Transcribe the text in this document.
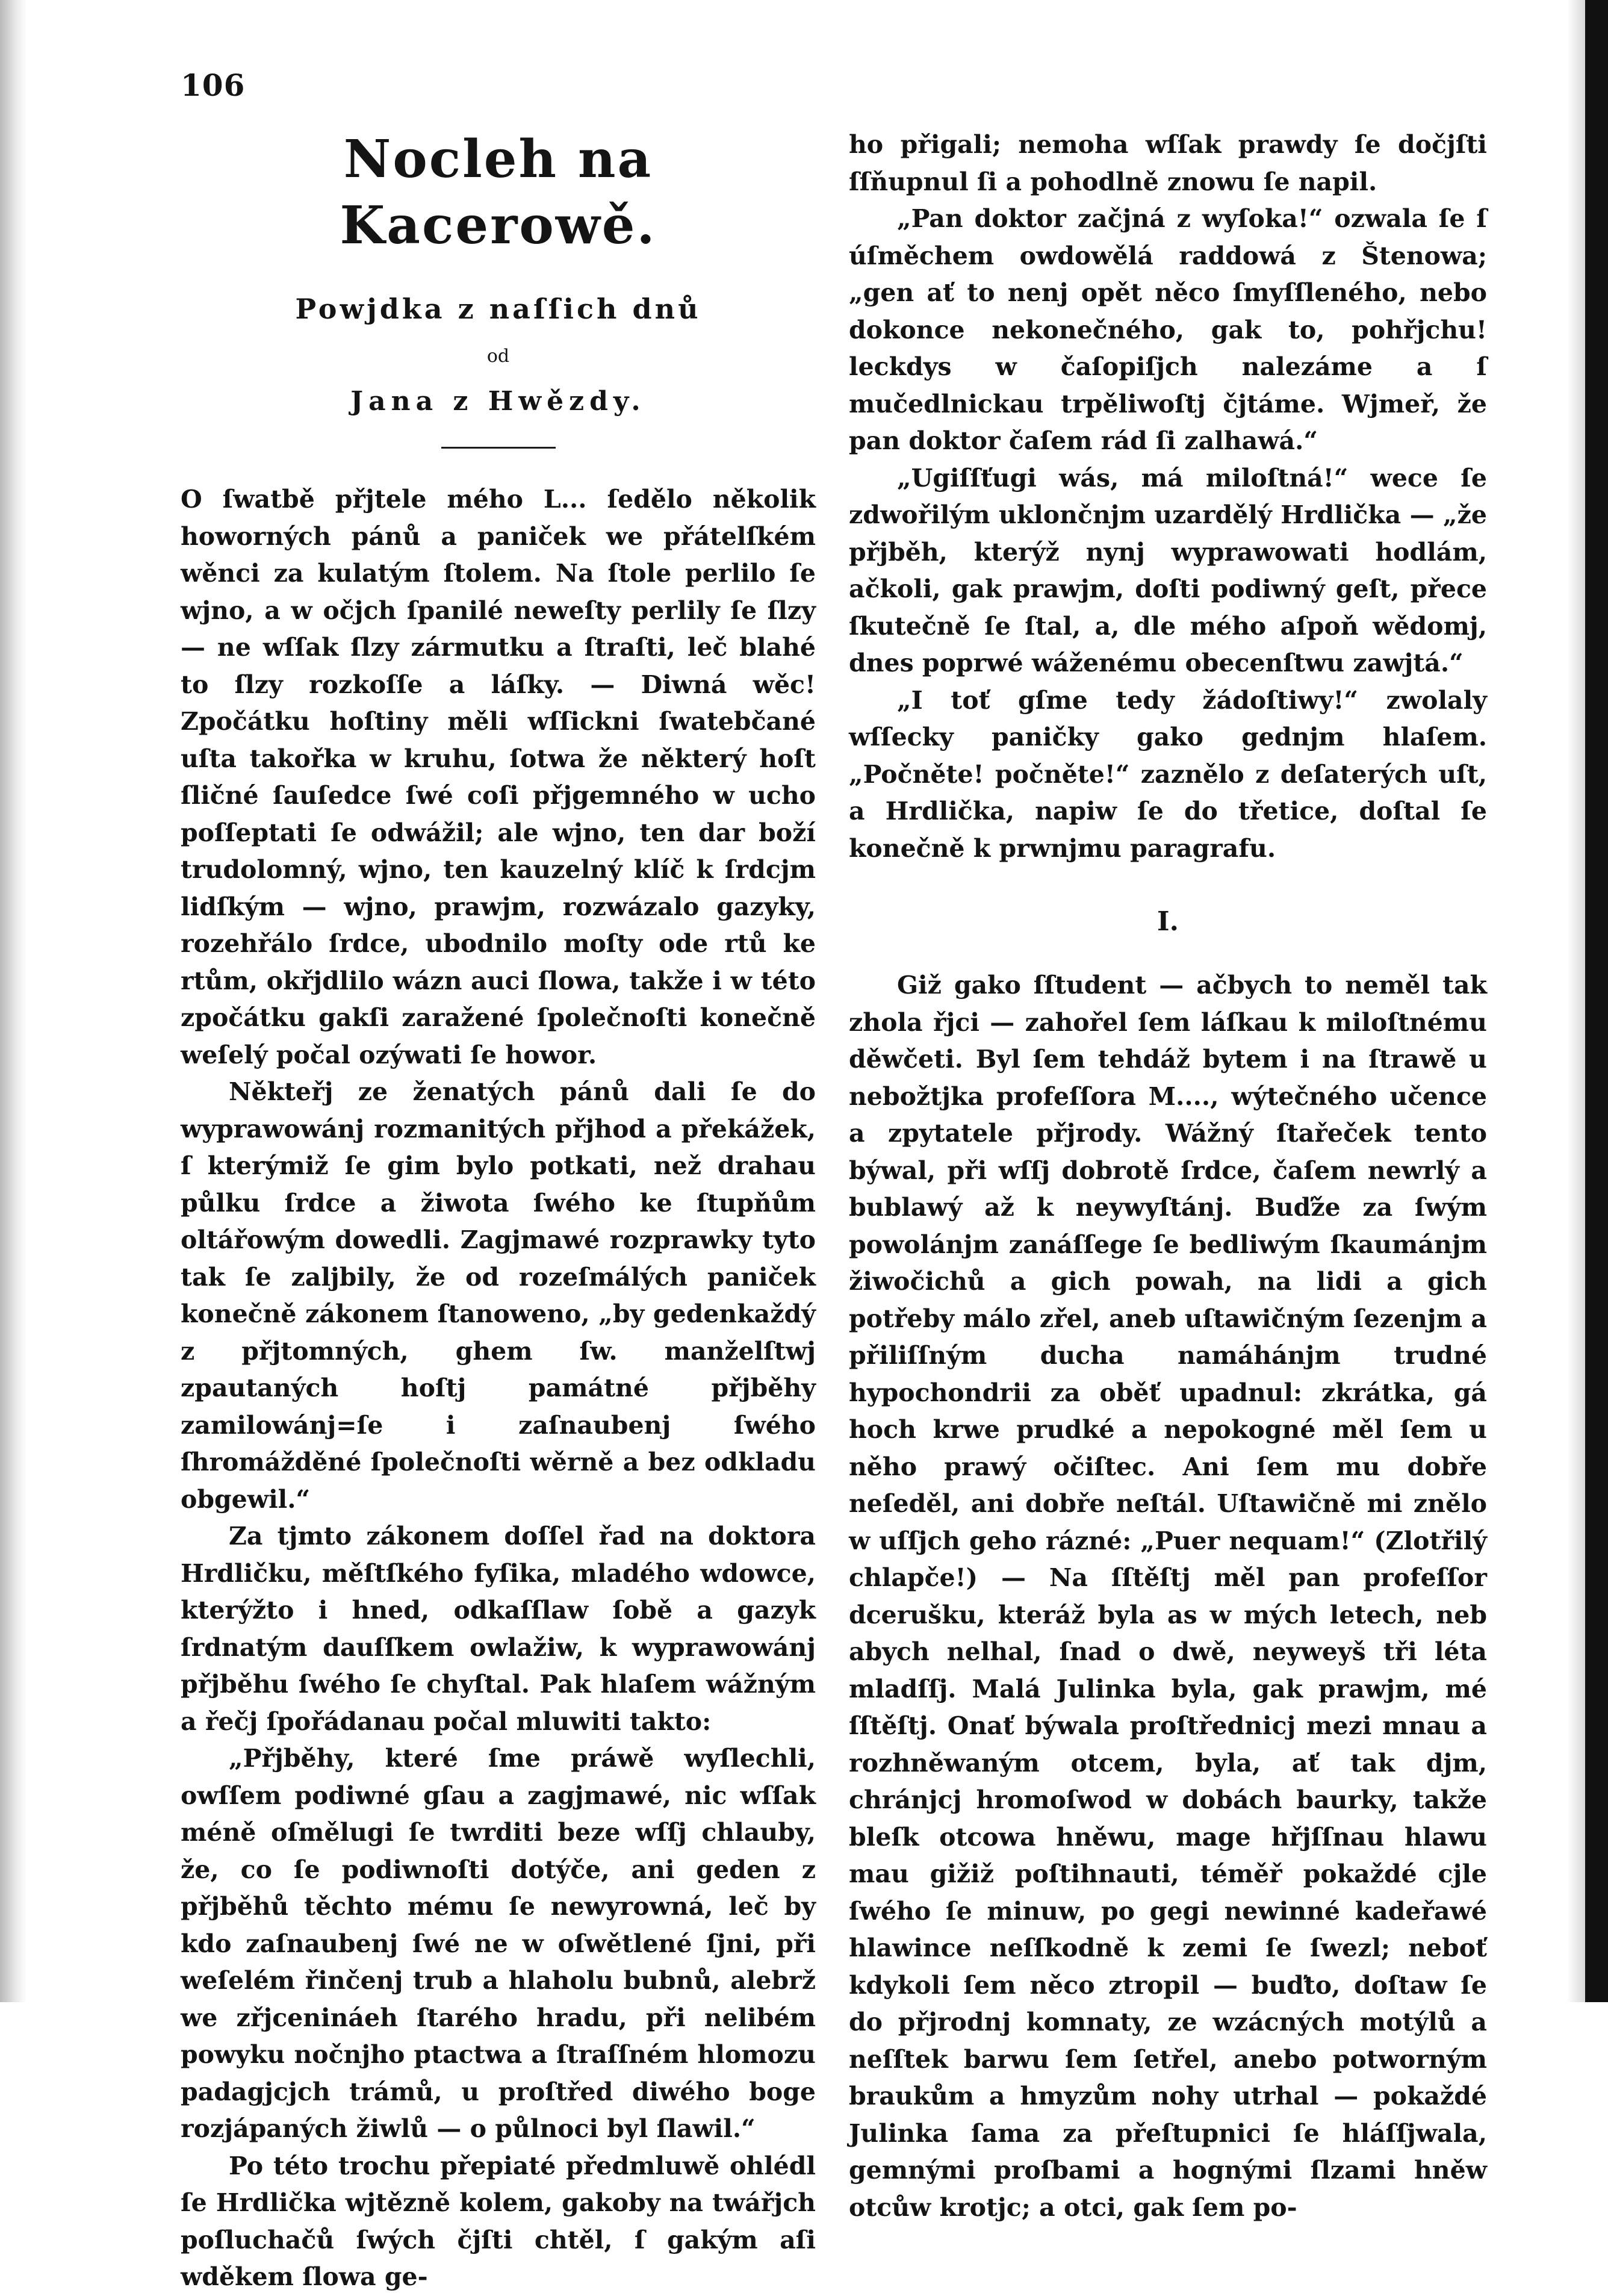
106
Nocleh na Kacerowě.
Powjdka z naſſich dnů
od
Jana z Hwězdy.

O ſwatbě přjtele mého L... ſedělo několik howorných pánů a paniček we přátelſkém wěnci za kulatým ſtolem. Na ſtole perlilo ſe wjno, a w očjch ſpanilé neweſty perlily ſe ſlzy — ne wſſak ſlzy zármutku a ſtraſti, leč blahé to ſlzy rozkoſſe a láſky. — Diwná wěc! Zpočátku hoſtiny měli wſſickni ſwatebčané uſta takořka w kruhu, ſotwa že některý hoſt ſličné ſauſedce ſwé coſi přjgemného w ucho poſſeptati ſe odwážil; ale wjno, ten dar boží trudolomný, wjno, ten kauzelný klíč k ſrdcjm lidſkým — wjno, prawjm, rozwázalo gazyky, rozehřálo ſrdce, ubodnilo moſty ode rtů ke rtům, okřjdlilo wázn auci ſlowa, takže i w této zpočátku gakſi zaražené ſpolečnoſti konečně weſelý počal ozýwati ſe howor.

Někteřj ze ženatých pánů dali ſe do wyprawowánj rozmanitých přjhod a překážek, ſ kterýmiž ſe gim bylo potkati, než drahau půlku ſrdce a žiwota ſwého ke ſtupňům oltářowým dowedli. Zagjmawé rozprawky tyto tak ſe zaljbily, že od rozeſmálých paniček konečně zákonem ſtanoweno, „by gedenkaždý z přjtomných, ghem ſw. manželſtwj zpautaných hoſtj památné přjběhy zamilowánj=ſe i zaſnaubenj ſwého ſhromážděné ſpolečnoſti wěrně a bez odkladu obgewil.“

Za tjmto zákonem doſſel řad na doktora Hrdličku, měſtſkého fyſika, mladého wdowce, kterýžto i hned, odkaſſlaw ſobě a gazyk ſrdnatým dauſſkem owlažiw, k wyprawowánj přjběhu ſwého ſe chyſtal. Pak hlaſem wážným a řečj ſpořádanau počal mluwiti takto:

„Přjběhy, které ſme práwě wyſlechli, owſſem podiwné gſau a zagjmawé, nic wſſak méně oſmělugi ſe twrditi beze wſſj chlauby, že, co ſe podiwnoſti dotýče, ani geden z přjběhů těchto mému ſe newyrowná, leč by kdo zaſnaubenj ſwé ne w oſwětlené ſjni, při weſelém řinčenj trub a hlaholu bubnů, alebrž we zřjcenináeh ſtarého hradu, při nelibém powyku nočnjho ptactwa a ſtraſſném hlomozu padagjcjch trámů, u proſtřed diwého boge rozjápaných žiwlů — o půlnoci byl ſlawil.“

Po této trochu přepiaté předmluwě ohlédl ſe Hrdlička wjtězně kolem, gakoby na twářjch poſluchačů ſwých čjſti chtěl, ſ gakým aſi wděkem ſlowa ge-

ho přigali; nemoha wſſak prawdy ſe dočjſti ſſňupnul ſi a pohodlně znowu ſe napil.

„Pan doktor začjná z wyſoka!“ ozwala ſe ſ úſměchem owdowělá raddowá z Štenowa; „gen ať to nenj opět něco ſmyſſleného, nebo dokonce nekonečného, gak to, pohřjchu! leckdys w čaſopiſjch nalezáme a ſ mučedlnickau trpěliwoſtj čjtáme. Wjmeř, že pan doktor čaſem rád ſi zalhawá.“

„Ugiſſťugi wás, má miloſtná!“ wece ſe zdwořilým uklončnjm uzardělý Hrdlička — „že přjběh, kterýž nynj wyprawowati hodlám, ačkoli, gak prawjm, doſti podiwný geſt, přece ſkutečně ſe ſtal, a, dle mého aſpoň wědomj, dnes poprwé wáženému obecenſtwu zawjtá.“

„I toť gſme tedy žádoſtiwy!“ zwolaly wſſecky paničky gako gednjm hlaſem. „Počněte! počněte!“ zaznělo z deſaterých uſt, a Hrdlička, napiw ſe do třetice, doſtal ſe konečně k prwnjmu paragrafu.

I.

Giž gako ſſtudent — ačbych to neměl tak zhola řjci — zahořel ſem láſkau k miloſtnému děwčeti. Byl ſem tehdáž bytem i na ſtrawě u nebožtjka profeſſora M...., wýtečného učence a zpytatele přjrody. Wážný ſtařeček tento býwal, při wſſj dobrotě ſrdce, čaſem newrlý a bublawý až k neywyſtánj. Buďže za ſwým powolánjm zanáſſege ſe bedliwým ſkaumánjm žiwočichů a gich powah, na lidi a gich potřeby málo zřel, aneb uſtawičným ſezenjm a přiliſſným ducha namáhánjm trudné hypochondrii za oběť upadnul: zkrátka, gá hoch krwe prudké a nepokogné měl ſem u něho prawý očiſtec. Ani ſem mu dobře neſeděl, ani dobře neſtál. Uſtawičně mi znělo w uſſjch geho rázné: „Puer nequam!“ (Zlotřilý chlapče!) — Na ſſtěſtj měl pan profeſſor dcerušku, kteráž byla as w mých letech, neb abych nelhal, ſnad o dwě, neyweyš tři léta mladſſj. Malá Julinka byla, gak prawjm, mé ſſtěſtj. Onať býwala proſtřednicj mezi mnau a rozhněwaným otcem, byla, ať tak djm, chránjcj hromoſwod w dobách baurky, takže bleſk otcowa hněwu, mage hřjſſnau hlawu mau gižiž poſtihnauti, téměř pokaždé cjle ſwého ſe minuw, po gegi newinné kadeřawé hlawince neſſkodně k zemi ſe ſwezl; neboť kdykoli ſem něco ztropil — buďto, doſtaw ſe do přjrodnj komnaty, ze wzácných motýlů a neſſtek barwu ſem ſetřel, anebo potworným braukům a hmyzům nohy utrhal — pokaždé Julinka ſama za přeſtupnici ſe hláſſjwala, gemnými proſbami a hognými ſlzami hněw otcůw krotjc; a otci, gak ſem po-
